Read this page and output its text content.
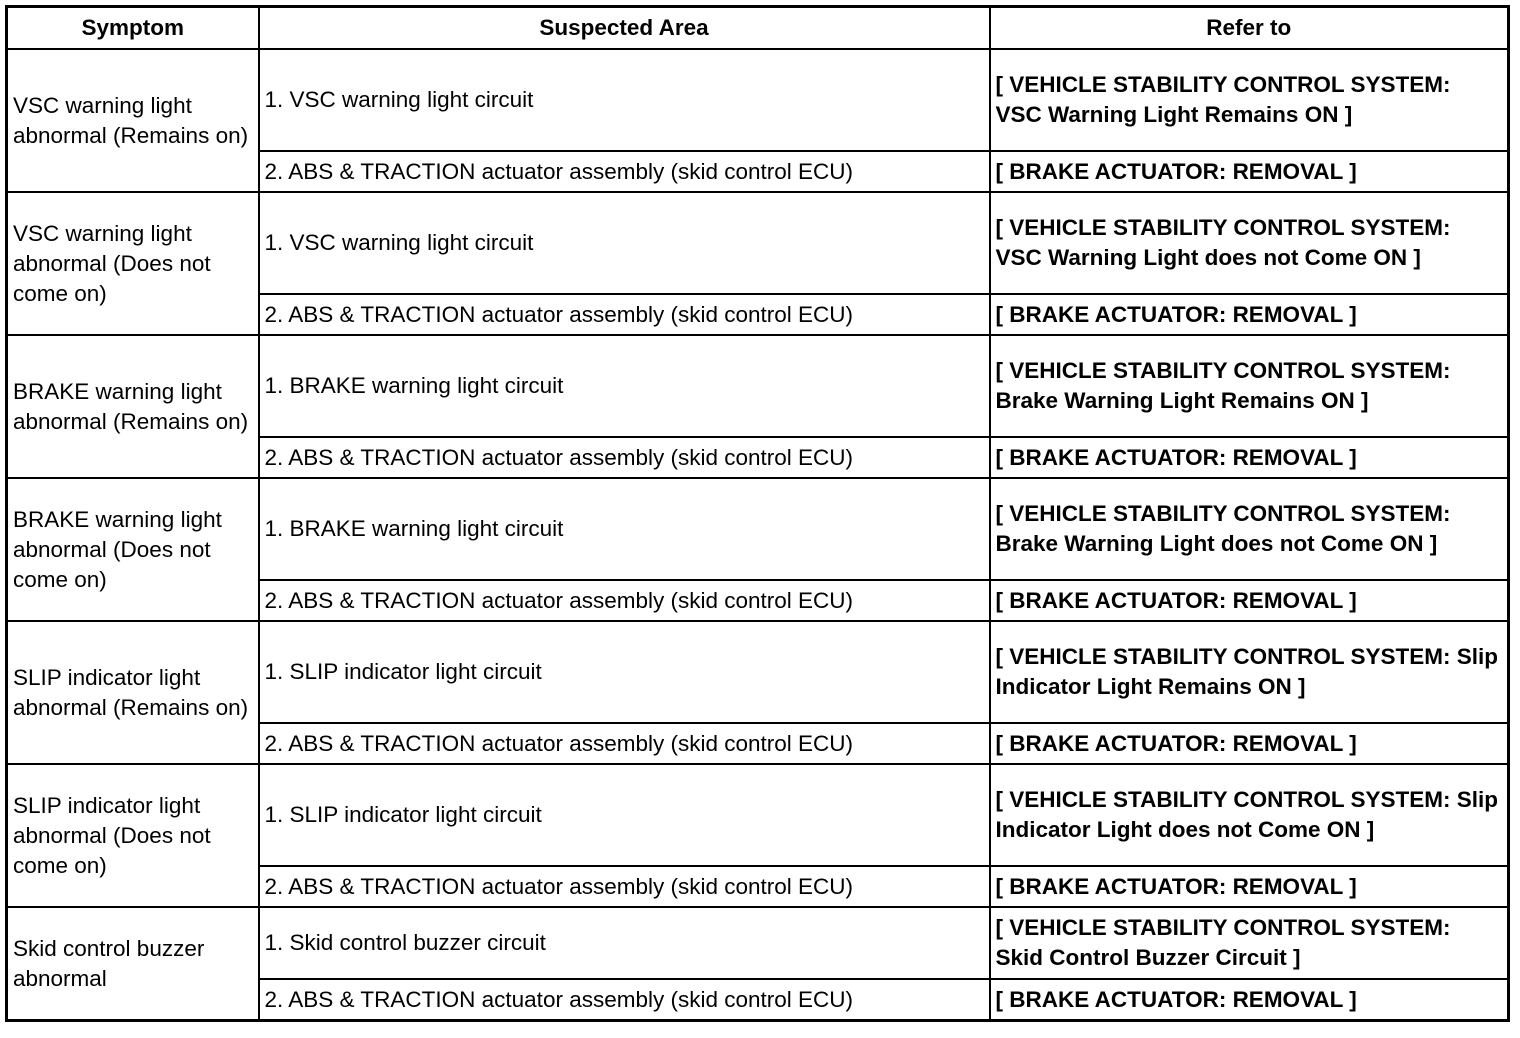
Symptom	Suspected Area	Refer to
VSC warning light abnormal (Remains on)	1. VSC warning light circuit	[ VEHICLE STABILITY CONTROL SYSTEM: VSC Warning Light Remains ON ]
	2. ABS & TRACTION actuator assembly (skid control ECU)	[ BRAKE ACTUATOR: REMOVAL ]
VSC warning light abnormal (Does not come on)	1. VSC warning light circuit	[ VEHICLE STABILITY CONTROL SYSTEM: VSC Warning Light does not Come ON ]
	2. ABS & TRACTION actuator assembly (skid control ECU)	[ BRAKE ACTUATOR: REMOVAL ]
BRAKE warning light abnormal (Remains on)	1. BRAKE warning light circuit	[ VEHICLE STABILITY CONTROL SYSTEM: Brake Warning Light Remains ON ]
	2. ABS & TRACTION actuator assembly (skid control ECU)	[ BRAKE ACTUATOR: REMOVAL ]
BRAKE warning light abnormal (Does not come on)	1. BRAKE warning light circuit	[ VEHICLE STABILITY CONTROL SYSTEM: Brake Warning Light does not Come ON ]
	2. ABS & TRACTION actuator assembly (skid control ECU)	[ BRAKE ACTUATOR: REMOVAL ]
SLIP indicator light abnormal (Remains on)	1. SLIP indicator light circuit	[ VEHICLE STABILITY CONTROL SYSTEM: Slip Indicator Light Remains ON ]
	2. ABS & TRACTION actuator assembly (skid control ECU)	[ BRAKE ACTUATOR: REMOVAL ]
SLIP indicator light abnormal (Does not come on)	1. SLIP indicator light circuit	[ VEHICLE STABILITY CONTROL SYSTEM: Slip Indicator Light does not Come ON ]
	2. ABS & TRACTION actuator assembly (skid control ECU)	[ BRAKE ACTUATOR: REMOVAL ]
Skid control buzzer abnormal	1. Skid control buzzer circuit	[ VEHICLE STABILITY CONTROL SYSTEM: Skid Control Buzzer Circuit ]
	2. ABS & TRACTION actuator assembly (skid control ECU)	[ BRAKE ACTUATOR: REMOVAL ]
